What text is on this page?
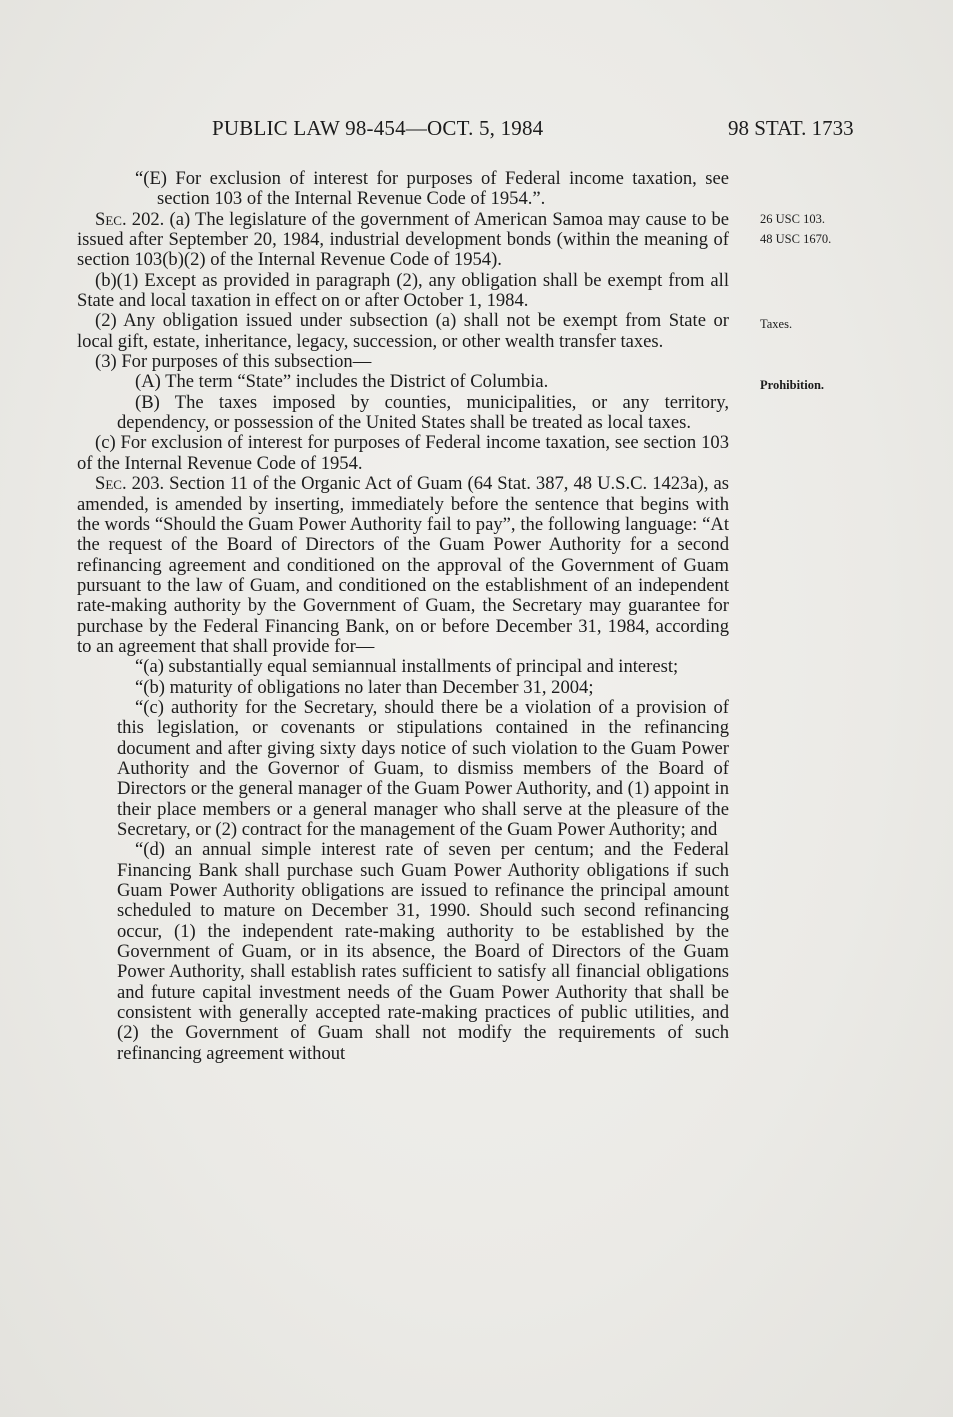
PUBLIC LAW 98-454—OCT. 5, 1984	98 STAT. 1733
26 USC 103.
48 USC 1670.
Taxes.
Prohibition.

“(E) For exclusion of interest for purposes of Federal income taxation, see section 103 of the Internal Revenue Code of 1954.”.

Sec. 202. (a) The legislature of the government of American Samoa may cause to be issued after September 20, 1984, industrial development bonds (within the meaning of section 103(b)(2) of the Internal Revenue Code of 1954).

(b)(1) Except as provided in paragraph (2), any obligation shall be exempt from all State and local taxation in effect on or after October 1, 1984.

(2) Any obligation issued under subsection (a) shall not be exempt from State or local gift, estate, inheritance, legacy, succession, or other wealth transfer taxes.

(3) For purposes of this subsection—

(A) The term “State” includes the District of Columbia.

(B) The taxes imposed by counties, municipalities, or any territory, dependency, or possession of the United States shall be treated as local taxes.

(c) For exclusion of interest for purposes of Federal income taxation, see section 103 of the Internal Revenue Code of 1954.

Sec. 203. Section 11 of the Organic Act of Guam (64 Stat. 387, 48 U.S.C. 1423a), as amended, is amended by inserting, immediately before the sentence that begins with the words “Should the Guam Power Authority fail to pay”, the following language: “At the request of the Board of Directors of the Guam Power Authority for a second refinancing agreement and conditioned on the approval of the Government of Guam pursuant to the law of Guam, and conditioned on the establishment of an independent rate-making authority by the Government of Guam, the Secretary may guarantee for purchase by the Federal Financing Bank, on or before December 31, 1984, according to an agreement that shall provide for—

“(a) substantially equal semiannual installments of principal and interest;

“(b) maturity of obligations no later than December 31, 2004;

“(c) authority for the Secretary, should there be a violation of a provision of this legislation, or covenants or stipulations contained in the refinancing document and after giving sixty days notice of such violation to the Guam Power Authority and the Governor of Guam, to dismiss members of the Board of Directors or the general manager of the Guam Power Authority, and (1) appoint in their place members or a general manager who shall serve at the pleasure of the Secretary, or (2) contract for the management of the Guam Power Authority; and

“(d) an annual simple interest rate of seven per centum; and the Federal Financing Bank shall purchase such Guam Power Authority obligations if such Guam Power Authority obligations are issued to refinance the principal amount scheduled to mature on December 31, 1990. Should such second refinancing occur, (1) the independent rate-making authority to be established by the Government of Guam, or in its absence, the Board of Directors of the Guam Power Authority, shall establish rates sufficient to satisfy all financial obligations and future capital investment needs of the Guam Power Authority that shall be consistent with generally accepted rate-making practices of public utilities, and (2) the Government of Guam shall not modify the requirements of such refinancing agreement without
